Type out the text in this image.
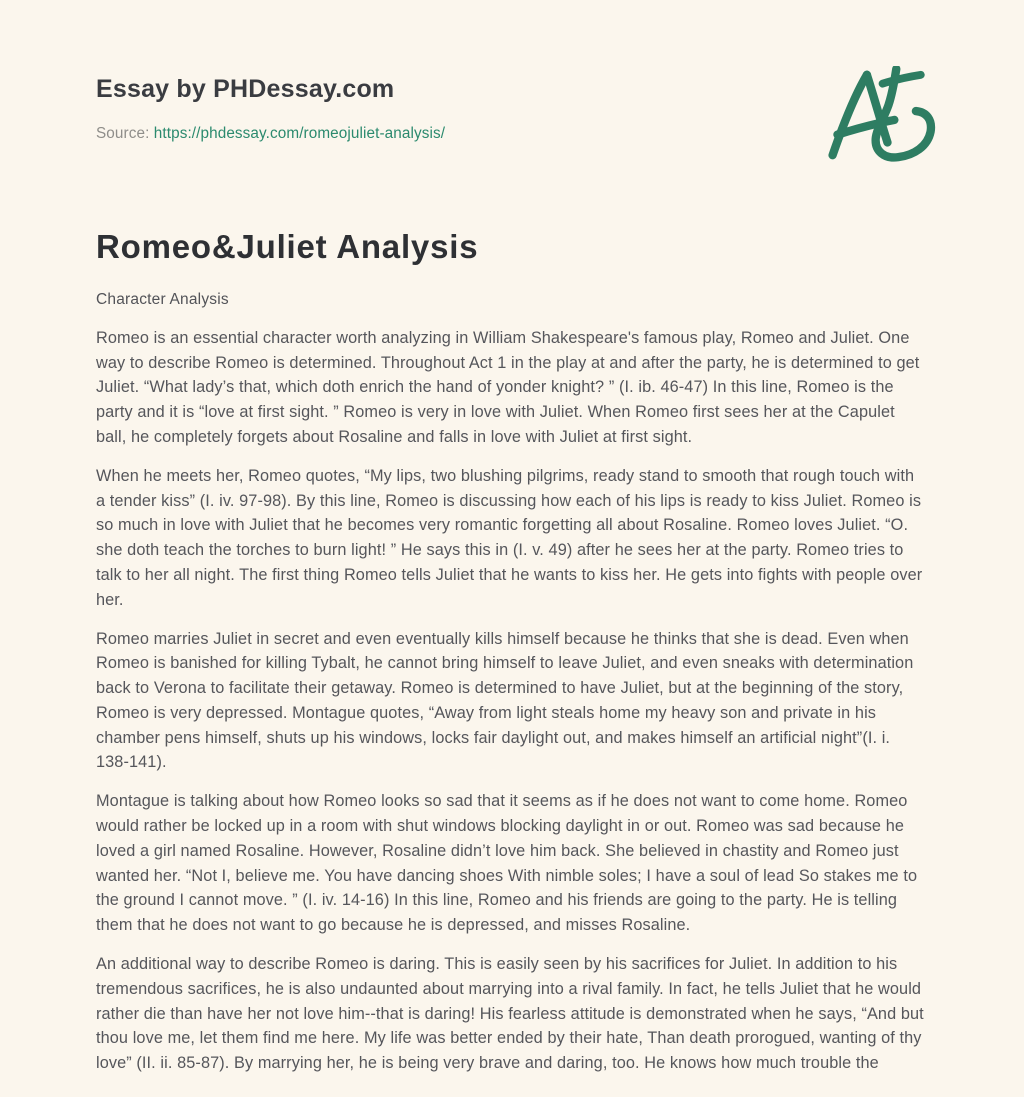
Essay by PHDessay.com
Source: https://phdessay.com/romeojuliet-analysis/
Romeo&Juliet Analysis
Character Analysis

Romeo is an essential character worth analyzing in William Shakespeare's famous play, Romeo and Juliet. One way to describe Romeo is determined. Throughout Act 1 in the play at and after the party, he is determined to get Juliet. “What lady’s that, which doth enrich the hand of yonder knight? ” (I. ib. 46-47) In this line, Romeo is the party and it is “love at first sight. ” Romeo is very in love with Juliet. When Romeo first sees her at the Capulet ball, he completely forgets about Rosaline and falls in love with Juliet at first sight.

When he meets her, Romeo quotes, “My lips, two blushing pilgrims, ready stand to smooth that rough touch with a tender kiss” (I. iv. 97-98). By this line, Romeo is discussing how each of his lips is ready to kiss Juliet. Romeo is so much in love with Juliet that he becomes very romantic forgetting all about Rosaline. Romeo loves Juliet. “O. she doth teach the torches to burn light! ” He says this in (I. v. 49) after he sees her at the party. Romeo tries to talk to her all night. The first thing Romeo tells Juliet that he wants to kiss her. He gets into fights with people over her.

Romeo marries Juliet in secret and even eventually kills himself because he thinks that she is dead. Even when Romeo is banished for killing Tybalt, he cannot bring himself to leave Juliet, and even sneaks with determination back to Verona to facilitate their getaway. Romeo is determined to have Juliet, but at the beginning of the story, Romeo is very depressed. Montague quotes, “Away from light steals home my heavy son and private in his chamber pens himself, shuts up his windows, locks fair daylight out, and makes himself an artificial night”(I. i. 138-141).

Montague is talking about how Romeo looks so sad that it seems as if he does not want to come home. Romeo would rather be locked up in a room with shut windows blocking daylight in or out. Romeo was sad because he loved a girl named Rosaline. However, Rosaline didn’t love him back. She believed in chastity and Romeo just wanted her. “Not I, believe me. You have dancing shoes With nimble soles; I have a soul of lead So stakes me to the ground I cannot move. ” (I. iv. 14-16) In this line, Romeo and his friends are going to the party. He is telling them that he does not want to go because he is depressed, and misses Rosaline.

An additional way to describe Romeo is daring. This is easily seen by his sacrifices for Juliet. In addition to his tremendous sacrifices, he is also undaunted about marrying into a rival family. In fact, he tells Juliet that he would rather die than have her not love him--that is daring! His fearless attitude is demonstrated when he says, “And but thou love me, let them find me here. My life was better ended by their hate, Than death prorogued, wanting of thy love” (II. ii. 85-87). By marrying her, he is being very brave and daring, too. He knows how much trouble the
